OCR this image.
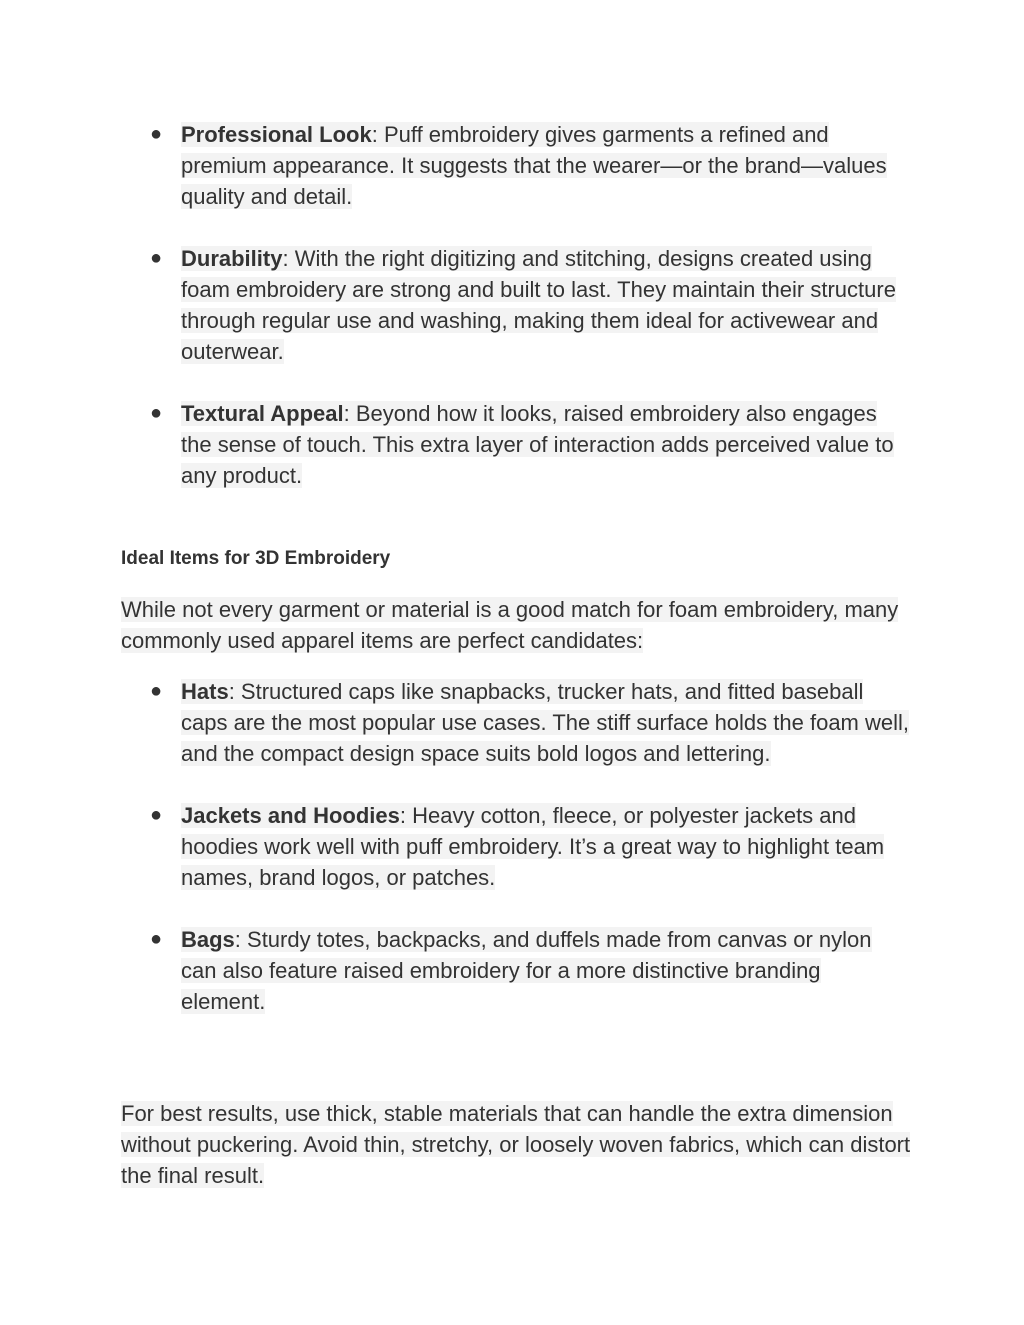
● Professional Look: Puff embroidery gives garments a refined and premium appearance. It suggests that the wearer—or the brand—values quality and detail.
● Durability: With the right digitizing and stitching, designs created using foam embroidery are strong and built to last. They maintain their structure through regular use and washing, making them ideal for activewear and outerwear.
● Textural Appeal: Beyond how it looks, raised embroidery also engages the sense of touch. This extra layer of interaction adds perceived value to any product.
Ideal Items for 3D Embroidery

While not every garment or material is a good match for foam embroidery, many commonly used apparel items are perfect candidates:

● Hats: Structured caps like snapbacks, trucker hats, and fitted baseball caps are the most popular use cases. The stiff surface holds the foam well, and the compact design space suits bold logos and lettering.
● Jackets and Hoodies: Heavy cotton, fleece, or polyester jackets and hoodies work well with puff embroidery. It’s a great way to highlight team names, brand logos, or patches.
● Bags: Sturdy totes, backpacks, and duffels made from canvas or nylon can also feature raised embroidery for a more distinctive branding element.

For best results, use thick, stable materials that can handle the extra dimension without puckering. Avoid thin, stretchy, or loosely woven fabrics, which can distort the final result.
